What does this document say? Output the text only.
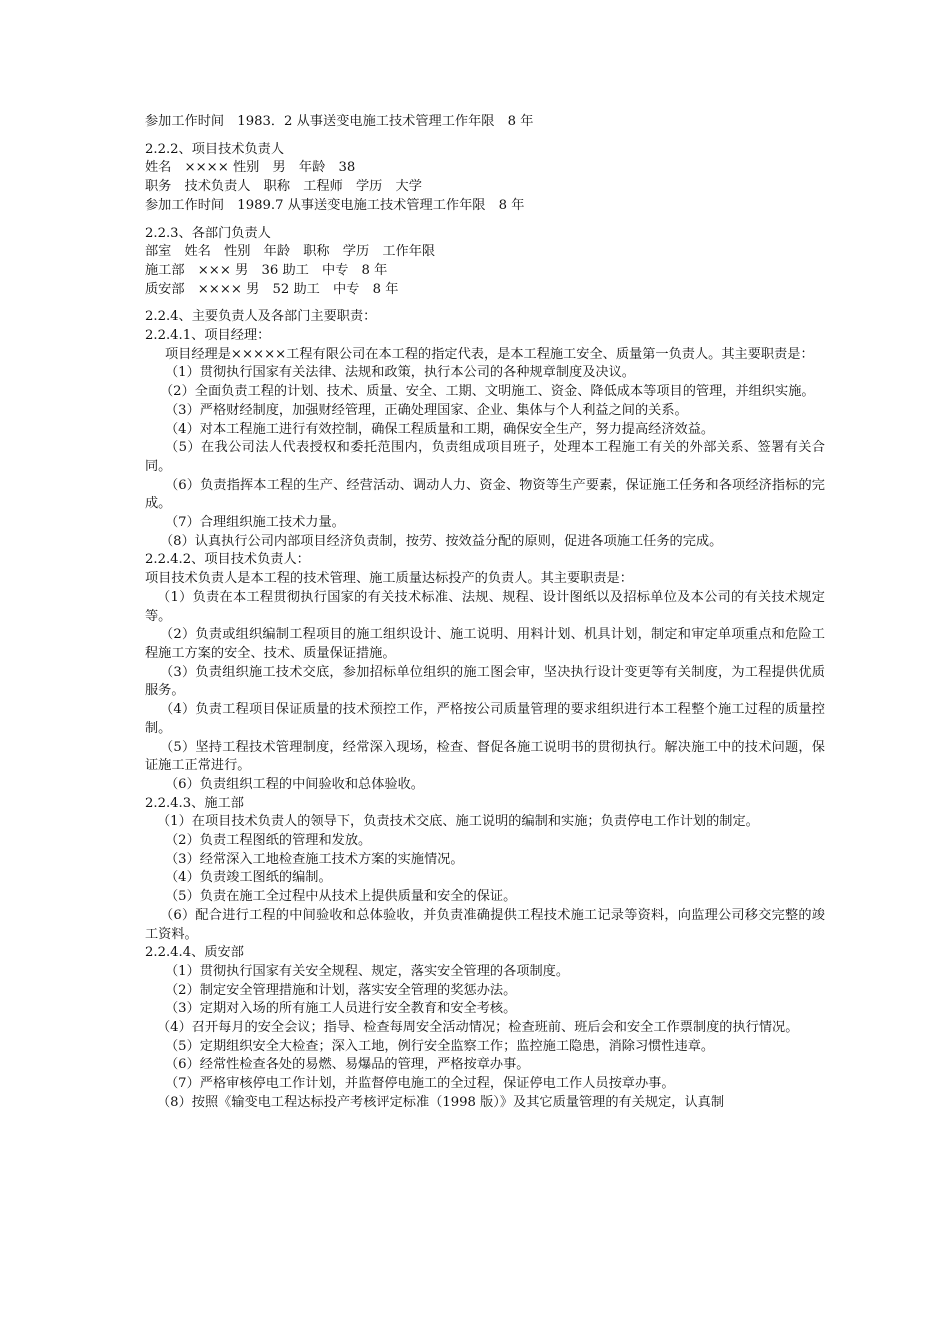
参加工作时间　1983．2 从事送变电施工技术管理工作年限　8 年
2.2.2、项目技术负责人
姓名　×××× 性别　男　年龄　38
职务　技术负责人　职称　工程师　学历　大学
参加工作时间　1989.7 从事送变电施工技术管理工作年限　8 年
2.2.3、各部门负责人
部室　姓名　性别　年龄　职称　学历　工作年限
施工部　××× 男　36 助工　中专　8 年
质安部　×××× 男　52 助工　中专　8 年
2.2.4、主要负责人及各部门主要职责：
2.2.4.1、项目经理：
项目经理是×××××工程有限公司在本工程的指定代表，是本工程施工安全、质量第一负责人。其主要职责是：
（1）贯彻执行国家有关法律、法规和政策，执行本公司的各种规章制度及决议。
（2）全面负责工程的计划、技术、质量、安全、工期、文明施工、资金、降低成本等项目的管理，并组织实施。
（3）严格财经制度，加强财经管理，正确处理国家、企业、集体与个人利益之间的关系。
（4）对本工程施工进行有效控制，确保工程质量和工期，确保安全生产，努力提高经济效益。
（5）在我公司法人代表授权和委托范围内，负责组成项目班子，处理本工程施工有关的外部关系、签署有关合同。
（6）负责指挥本工程的生产、经营活动、调动人力、资金、物资等生产要素，保证施工任务和各项经济指标的完成。
（7）合理组织施工技术力量。
（8）认真执行公司内部项目经济负责制，按劳、按效益分配的原则，促进各项施工任务的完成。
2.2.4.2、项目技术负责人：
项目技术负责人是本工程的技术管理、施工质量达标投产的负责人。其主要职责是：
（1）负责在本工程贯彻执行国家的有关技术标准、法规、规程、设计图纸以及招标单位及本公司的有关技术规定等。
（2）负责或组织编制工程项目的施工组织设计、施工说明、用料计划、机具计划，制定和审定单项重点和危险工程施工方案的安全、技术、质量保证措施。
（3）负责组织施工技术交底，参加招标单位组织的施工图会审，坚决执行设计变更等有关制度，为工程提供优质服务。
（4）负责工程项目保证质量的技术预控工作，严格按公司质量管理的要求组织进行本工程整个施工过程的质量控制。
（5）坚持工程技术管理制度，经常深入现场，检查、督促各施工说明书的贯彻执行。解决施工中的技术问题，保证施工正常进行。
（6）负责组织工程的中间验收和总体验收。
2.2.4.3、施工部
（1）在项目技术负责人的领导下，负责技术交底、施工说明的编制和实施；负责停电工作计划的制定。
（2）负责工程图纸的管理和发放。
（3）经常深入工地检查施工技术方案的实施情况。
（4）负责竣工图纸的编制。
（5）负责在施工全过程中从技术上提供质量和安全的保证。
（6）配合进行工程的中间验收和总体验收，并负责准确提供工程技术施工记录等资料，向监理公司移交完整的竣工资料。
2.2.4.4、质安部
（1）贯彻执行国家有关安全规程、规定，落实安全管理的各项制度。
（2）制定安全管理措施和计划，落实安全管理的奖惩办法。
（3）定期对入场的所有施工人员进行安全教育和安全考核。
（4）召开每月的安全会议；指导、检查每周安全活动情况；检查班前、班后会和安全工作票制度的执行情况。
（5）定期组织安全大检查；深入工地，例行安全监察工作；监控施工隐患，消除习惯性违章。
（6）经常性检查各处的易燃、易爆品的管理，严格按章办事。
（7）严格审核停电工作计划，并监督停电施工的全过程，保证停电工作人员按章办事。
（8）按照《输变电工程达标投产考核评定标准（1998 版）》及其它质量管理的有关规定，认真制
